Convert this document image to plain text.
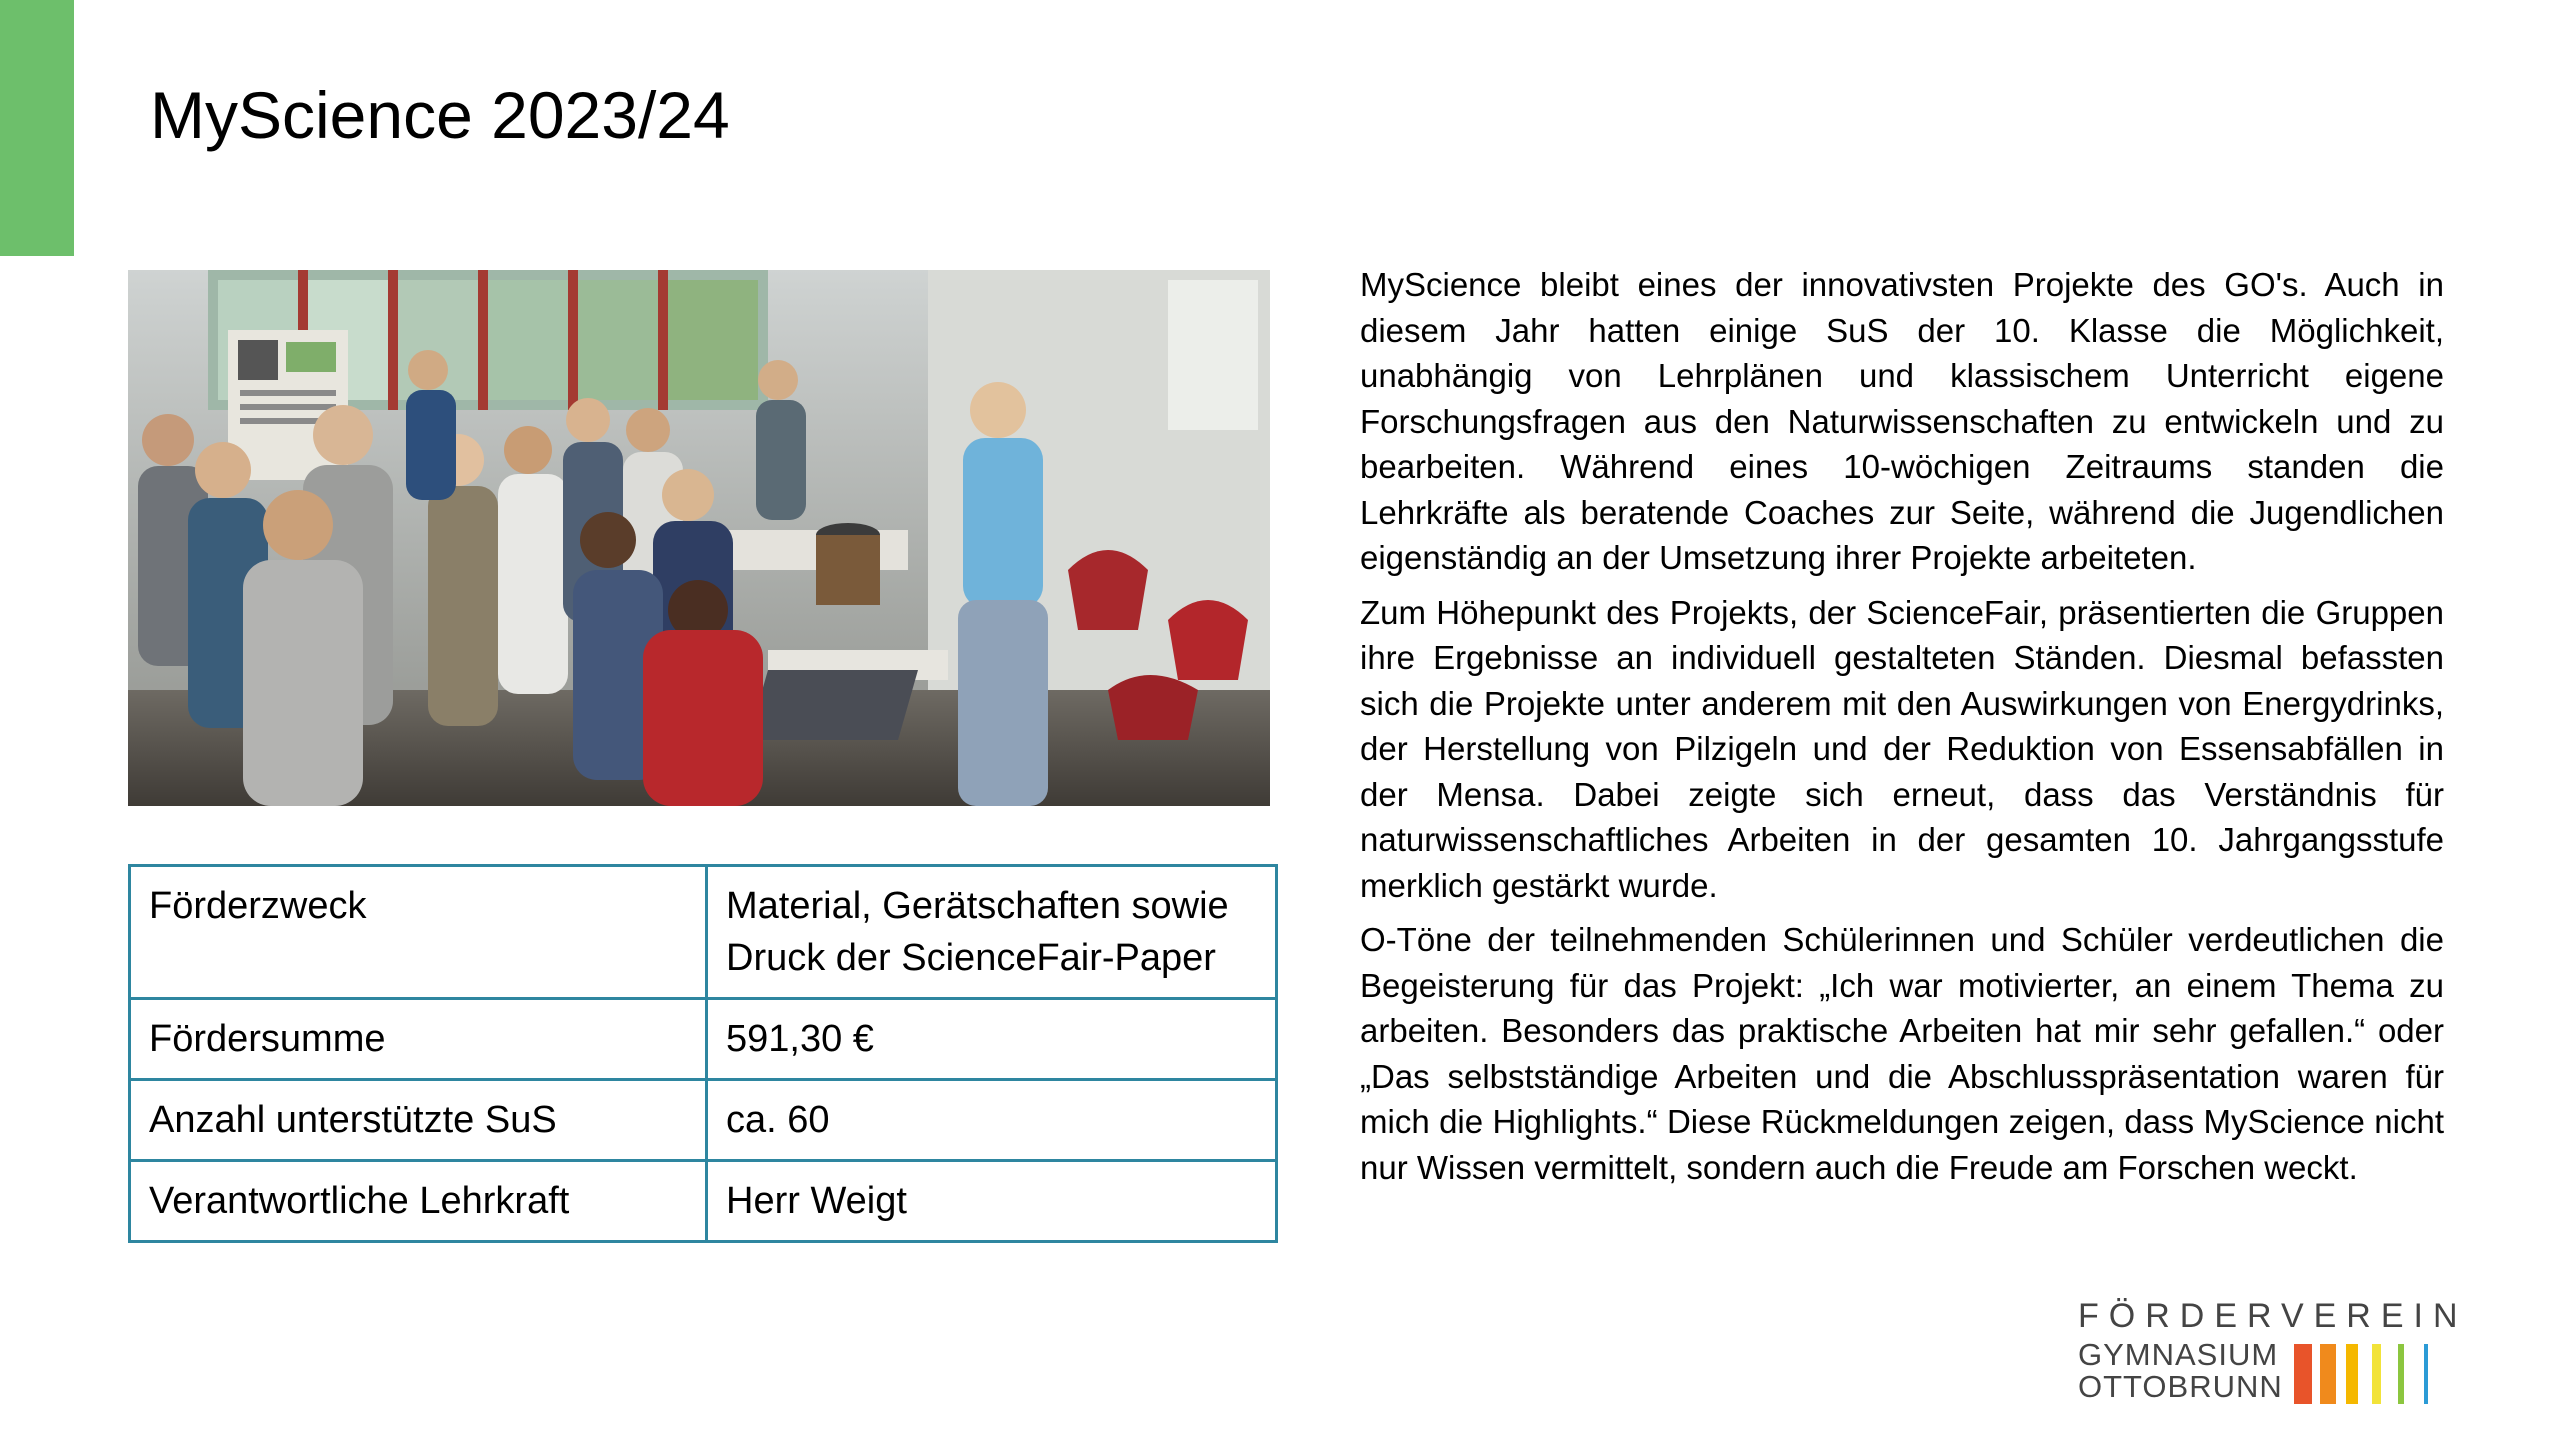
MyScience 2023/24
Förderzweck	Material, Gerätschaften sowie Druck der ScienceFair-Paper
Fördersumme	591,30 €
Anzahl unterstützte SuS	ca. 60
Verantwortliche Lehrkraft	Herr Weigt

MyScience bleibt eines der innovativsten Projekte des GO's. Auch in diesem Jahr hatten einige SuS der 10. Klasse die Möglichkeit, unabhängig von Lehrplänen und klassischem Unterricht eigene Forschungsfragen aus den Naturwissenschaften zu entwickeln und zu bearbeiten. Während eines 10-wöchigen Zeitraums standen die Lehrkräfte als beratende Coaches zur Seite, während die Jugendlichen eigenständig an der Umsetzung ihrer Projekte arbeiteten.

Zum Höhepunkt des Projekts, der ScienceFair, präsentierten die Gruppen ihre Ergebnisse an individuell gestalteten Ständen. Diesmal befassten sich die Projekte unter anderem mit den Auswirkungen von Energydrinks, der Herstellung von Pilzigeln und der Reduktion von Essensabfällen in der Mensa. Dabei zeigte sich erneut, dass das Verständnis für naturwissenschaftliches Arbeiten in der gesamten 10. Jahrgangsstufe merklich gestärkt wurde.

O-Töne der teilnehmenden Schülerinnen und Schüler verdeutlichen die Begeisterung für das Projekt: „Ich war motivierter, an einem Thema zu arbeiten. Besonders das praktische Arbeiten hat mir sehr gefallen.“ oder „Das selbstständige Arbeiten und die Abschlusspräsentation waren für mich die Highlights.“ Diese Rückmeldungen zeigen, dass MyScience nicht nur Wissen vermittelt, sondern auch die Freude am Forschen weckt.

FÖRDERVEREIN
GYMNASIUM
OTTOBRUNN
